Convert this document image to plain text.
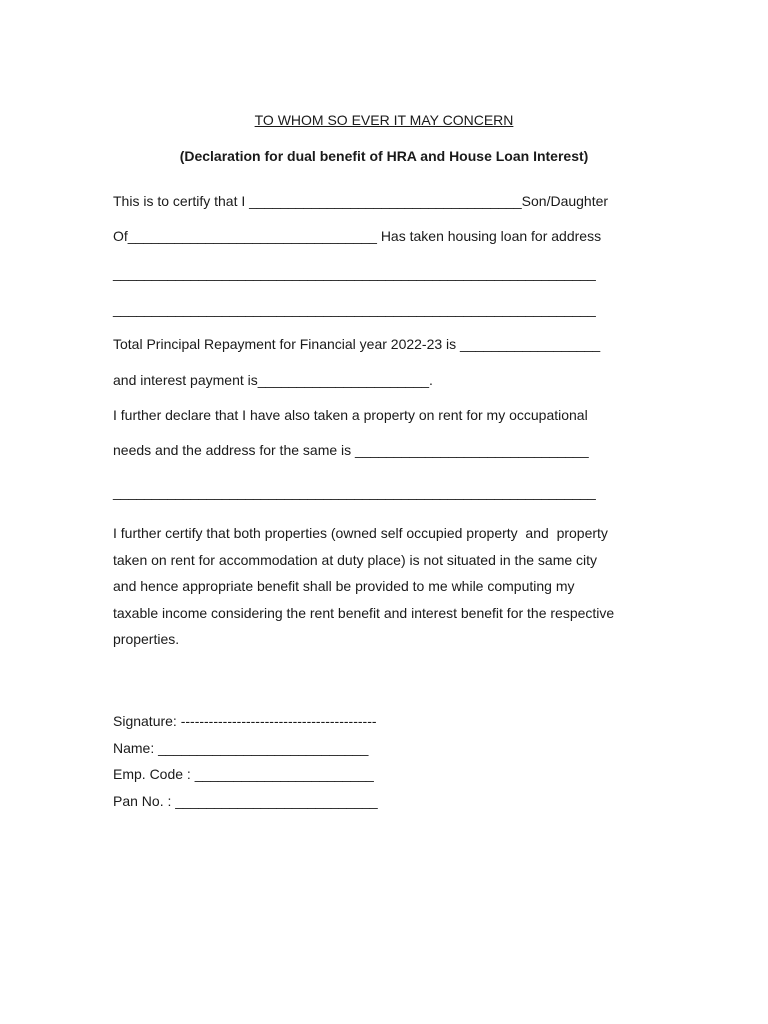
TO WHOM SO EVER IT MAY CONCERN

(Declaration for dual benefit of HRA and House Loan Interest)

This is to certify that I ___________________________________Son/Daughter

Of________________________________ Has taken housing loan for address

______________________________________________________________

______________________________________________________________

Total Principal Repayment for Financial year 2022-23 is __________________

and interest payment is______________________.

I further declare that I have also taken a property on rent for my occupational

needs and the address for the same is ______________________________

______________________________________________________________

I further certify that both properties (owned self occupied property  and  property
taken on rent for accommodation at duty place) is not situated in the same city
and hence appropriate benefit shall be provided to me while computing my
taxable income considering the rent benefit and interest benefit for the respective
properties.
Signature: ------------------------------------------
Name: ___________________________
Emp. Code : _______________________
Pan No. : __________________________
